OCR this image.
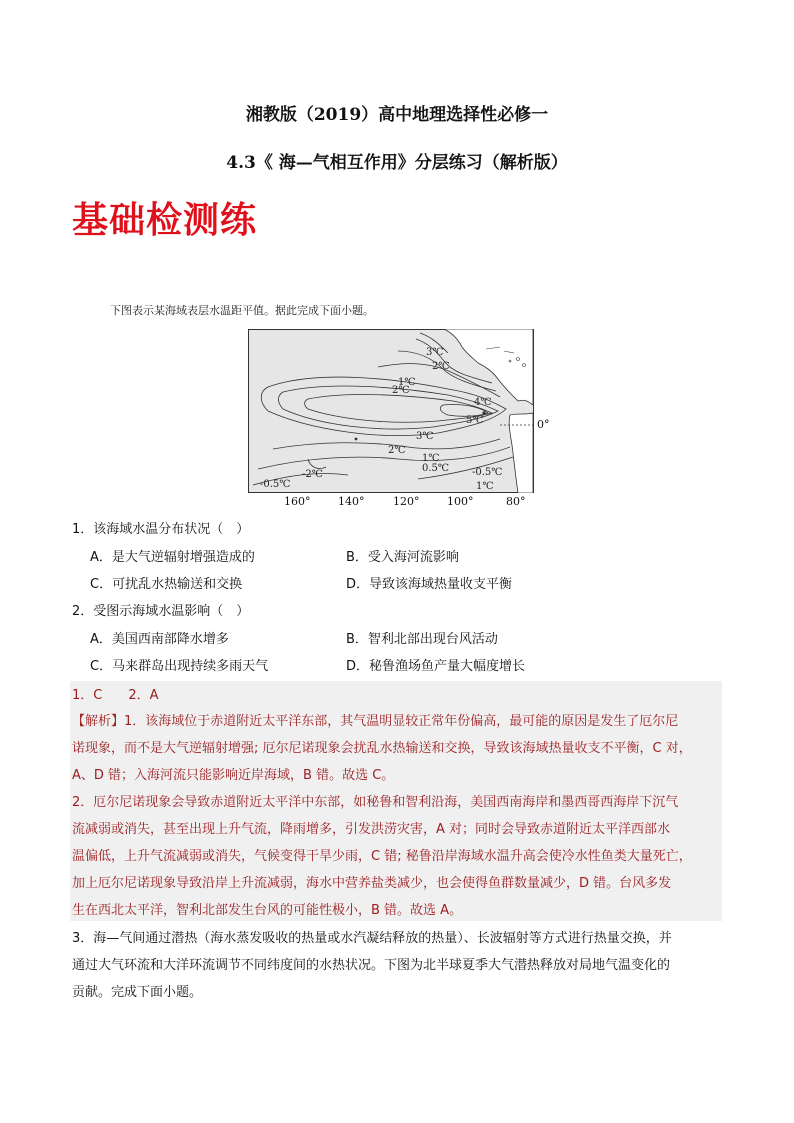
湘教版（2019）高中地理选择性必修一
4.3《 海—气相互作用》分层练习（解析版）
基础检测练
下图表示某海域表层水温距平值。据此完成下面小题。
3℃
2℃
1℃
2℃
4℃
5℃
3℃
2℃
1℃
0.5℃
-2℃
-0.5℃
-0.5℃
1℃
0°
160°	140°	120°	100°	80°
1．该海域水温分布状况（　）
A．是大气逆辐射增强造成的	B．受入海河流影响
C．可扰乱水热输送和交换	D．导致该海域热量收支平衡
2．受图示海域水温影响（　）
A．美国西南部降水增多	B．智利北部出现台风活动
C．马来群岛出现持续多雨天气	D．秘鲁渔场鱼产量大幅度增长
1．C　　2．A
【解析】1．该海域位于赤道附近太平洋东部，其气温明显较正常年份偏高，最可能的原因是发生了厄尔尼
诺现象，而不是大气逆辐射增强; 厄尔尼诺现象会扰乱水热输送和交换，导致该海域热量收支不平衡，C 对，
A、D 错；入海河流只能影响近岸海域，B 错。故选 C。
2．厄尔尼诺现象会导致赤道附近太平洋中东部，如秘鲁和智利沿海，美国西南海岸和墨西哥西海岸下沉气
流减弱或消失，甚至出现上升气流，降雨增多，引发洪涝灾害，A 对；同时会导致赤道附近太平洋西部水
温偏低，上升气流减弱或消失，气候变得干旱少雨，C 错; 秘鲁沿岸海域水温升高会使冷水性鱼类大量死亡，
加上厄尔尼诺现象导致沿岸上升流减弱，海水中营养盐类减少，也会使得鱼群数量减少，D 错。台风多发
生在西北太平洋，智利北部发生台风的可能性极小，B 错。故选 A。
3．海—气间通过潜热（海水蒸发吸收的热量或水汽凝结释放的热量）、长波辐射等方式进行热量交换，并
通过大气环流和大洋环流调节不同纬度间的水热状况。下图为北半球夏季大气潜热释放对局地气温变化的
贡献。完成下面小题。
